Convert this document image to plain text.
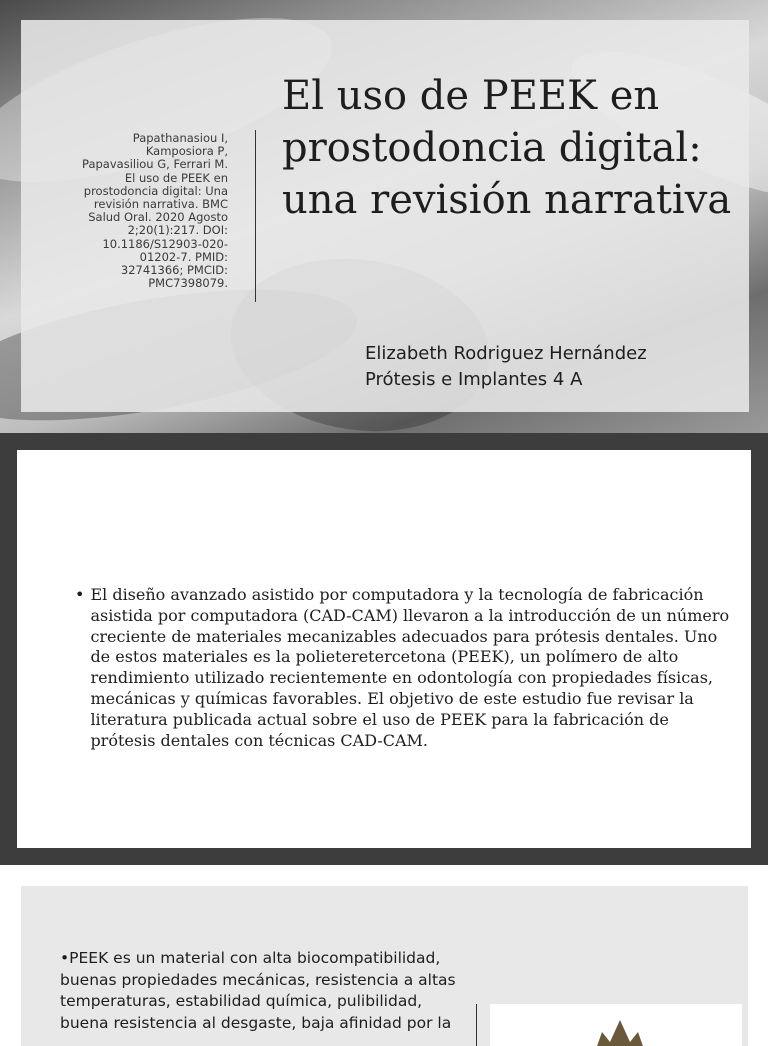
Papathanasiou I, Kamposiora P, Papavasiliou G, Ferrari M. El uso de PEEK en prostodoncia digital: Una revisión narrativa. BMC Salud Oral. 2020 Agosto 2;20(1):217. DOI: 10.1186/S12903-020-01202-7. PMID: 32741366; PMCID: PMC7398079.
El uso de PEEK en prostodoncia digital: una revisión narrativa
Elizabeth Rodriguez Hernández
Prótesis e Implantes 4 A
• El diseño avanzado asistido por computadora y la tecnología de fabricación asistida por computadora (CAD-CAM) llevaron a la introducción de un número creciente de materiales mecanizables adecuados para prótesis dentales. Uno de estos materiales es la polieteretercetona (PEEK), un polímero de alto rendimiento utilizado recientemente en odontología con propiedades físicas, mecánicas y químicas favorables. El objetivo de este estudio fue revisar la literatura publicada actual sobre el uso de PEEK para la fabricación de prótesis dentales con técnicas CAD-CAM.
•PEEK es un material con alta biocompatibilidad, buenas propiedades mecánicas, resistencia a altas temperaturas, estabilidad química, pulibilidad, buena resistencia al desgaste, baja afinidad por la
